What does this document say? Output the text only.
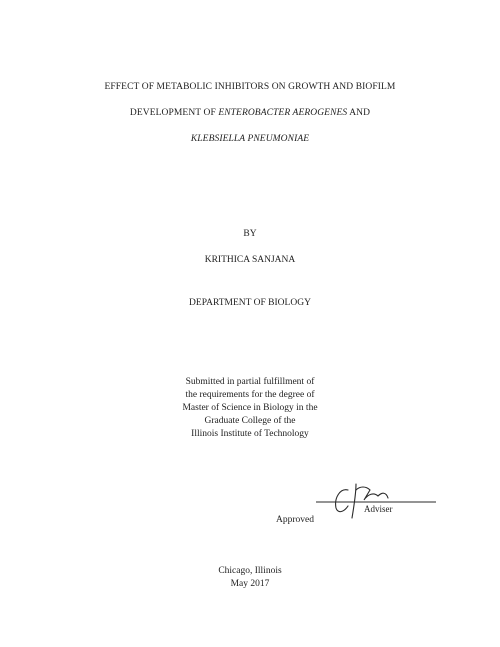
EFFECT OF METABOLIC INHIBITORS ON GROWTH AND BIOFILM
DEVELOPMENT OF ENTEROBACTER AEROGENES AND
KLEBSIELLA PNEUMONIAE
BY
KRITHICA SANJANA
DEPARTMENT OF BIOLOGY
Submitted in partial fulfillment of
the requirements for the degree of
Master of Science in Biology in the
Graduate College of the
Illinois Institute of Technology
Approved
Adviser
Chicago, Illinois
May 2017
